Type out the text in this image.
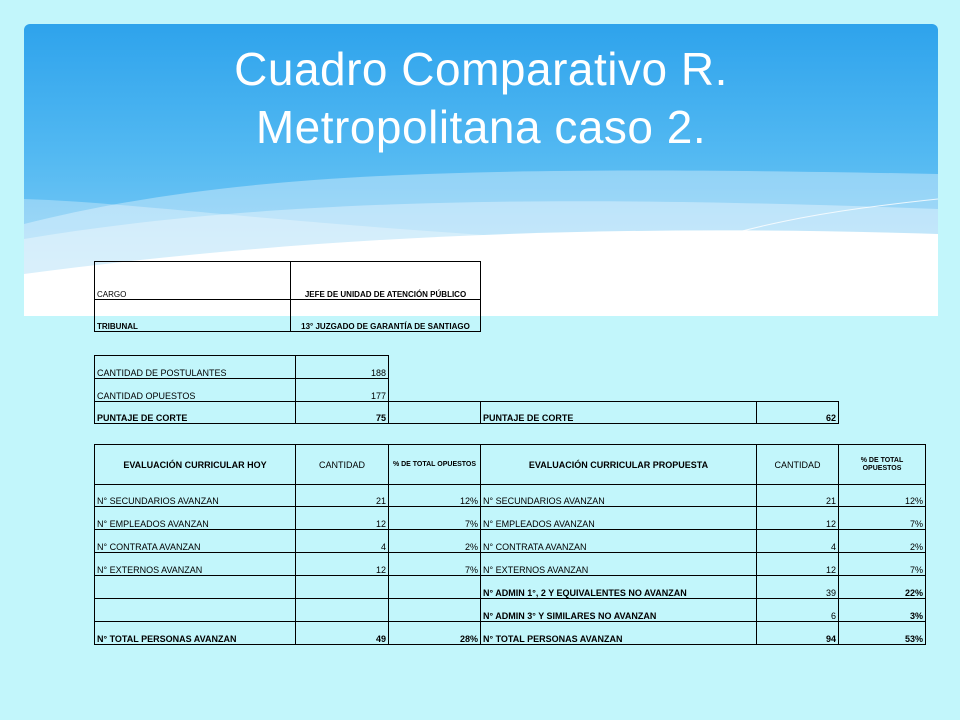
Cuadro Comparativo R.
Metropolitana caso 2.
CARGO	JEFE DE UNIDAD DE ATENCIÓN PÚBLICO
TRIBUNAL	13° JUZGADO DE GARANTÍA DE SANTIAGO
CANTIDAD DE POSTULANTES	188			
CANTIDAD OPUESTOS	177			
PUNTAJE DE CORTE	75		PUNTAJE DE CORTE	62
EVALUACIÓN CURRICULAR HOY	CANTIDAD	% DE TOTAL OPUESTOS	EVALUACIÓN CURRICULAR PROPUESTA	CANTIDAD	% DE TOTAL OPUESTOS
N° SECUNDARIOS AVANZAN	21	12%	N° SECUNDARIOS AVANZAN	21	12%
N° EMPLEADOS AVANZAN	12	7%	N° EMPLEADOS AVANZAN	12	7%
N° CONTRATA AVANZAN	4	2%	N° CONTRATA AVANZAN	4	2%
N° EXTERNOS AVANZAN	12	7%	N° EXTERNOS AVANZAN	12	7%
			N° ADMIN 1°, 2 Y EQUIVALENTES NO AVANZAN	39	22%
			N° ADMIN 3° Y SIMILARES NO AVANZAN	6	3%
N° TOTAL PERSONAS AVANZAN	49	28%	N° TOTAL PERSONAS AVANZAN	94	53%
